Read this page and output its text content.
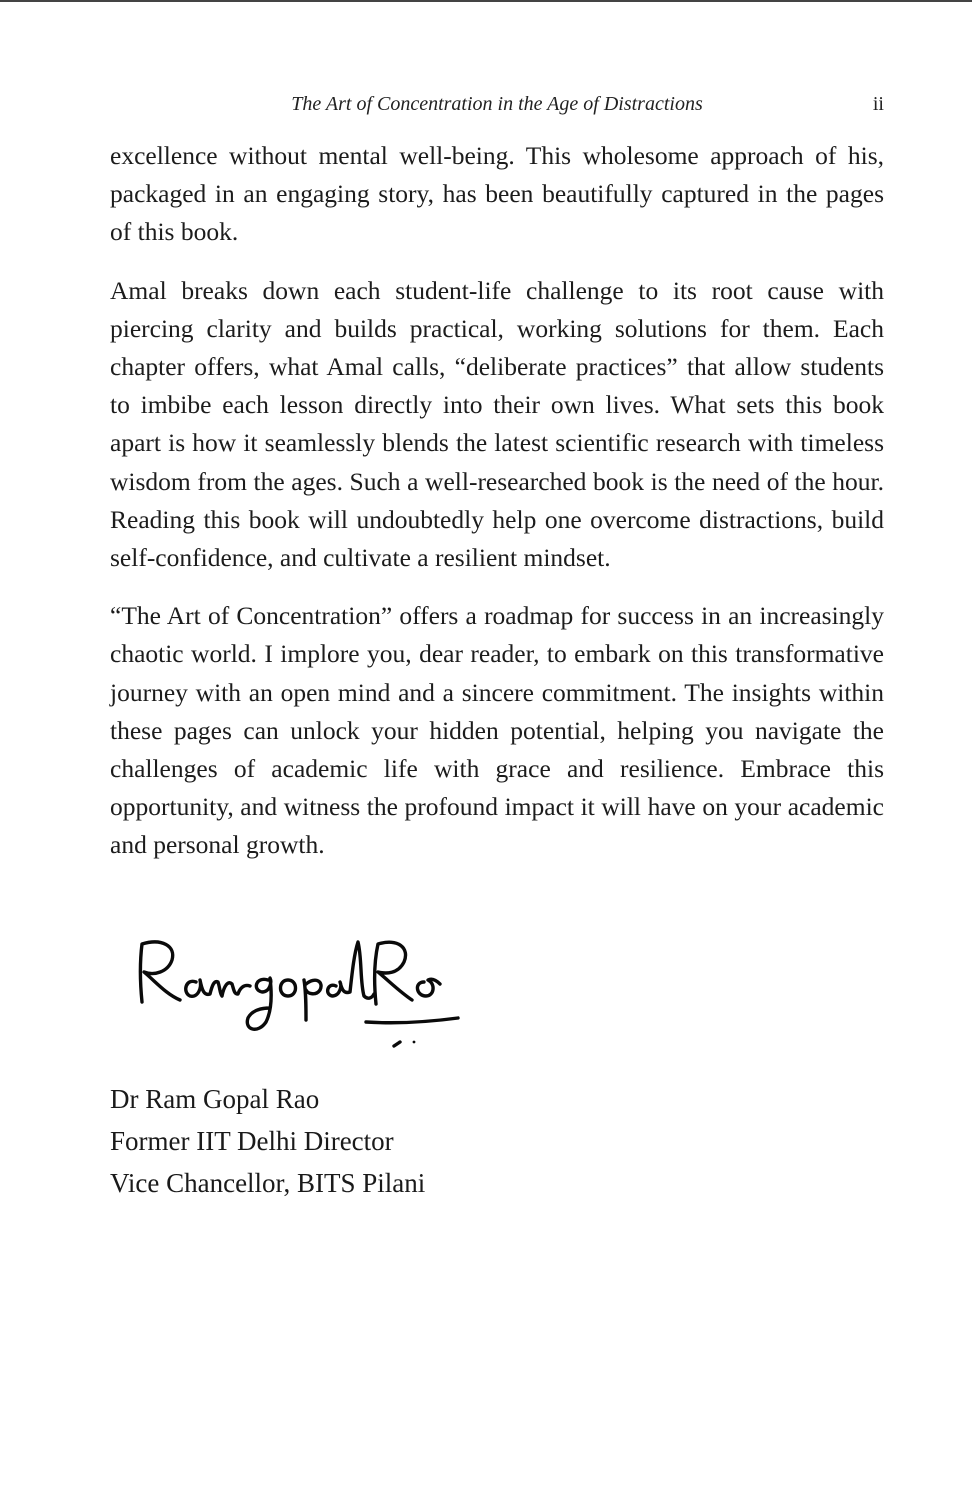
The Art of Concentration in the Age of Distractions	ii

excellence without mental well-being. This wholesome approach of his, packaged in an engaging story, has been beautifully captured in the pages of this book.

Amal breaks down each student-life challenge to its root cause with piercing clarity and builds practical, working solutions for them. Each chapter offers, what Amal calls, “deliberate practices” that allow students to imbibe each lesson directly into their own lives. What sets this book apart is how it seamlessly blends the latest scientific research with timeless wisdom from the ages. Such a well-researched book is the need of the hour. Reading this book will undoubtedly help one overcome distractions, build self-confidence, and cultivate a resilient mindset.

“The Art of Concentration” offers a roadmap for success in an increasingly chaotic world. I implore you, dear reader, to embark on this transformative journey with an open mind and a sincere commitment. The insights within these pages can unlock your hidden potential, helping you navigate the challenges of academic life with grace and resilience. Embrace this opportunity, and witness the profound impact it will have on your academic and personal growth.

Dr Ram Gopal Rao
Former IIT Delhi Director
Vice Chancellor, BITS Pilani
